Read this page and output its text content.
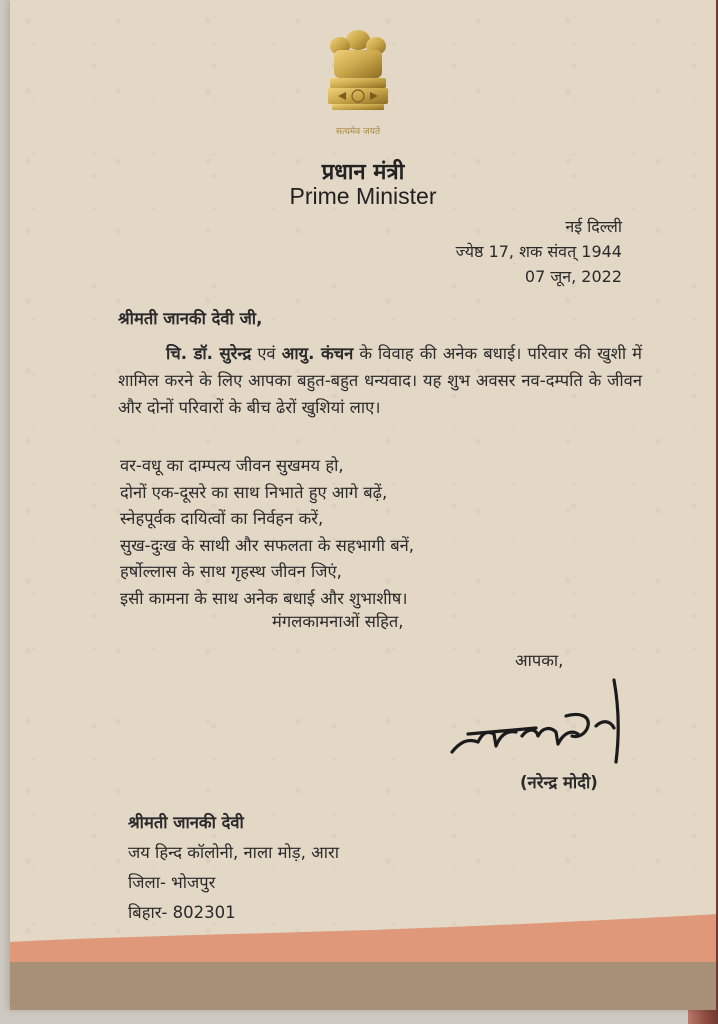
सत्यमेव जयते
प्रधान मंत्री
Prime Minister
नई दिल्ली
ज्येष्ठ 17, शक संवत् 1944
07 जून, 2022
श्रीमती जानकी देवी जी,
चि. डॉ. सुरेन्द्र एवं आयु. कंचन के विवाह की अनेक बधाई। परिवार की खुशी में शामिल करने के लिए आपका बहुत-बहुत धन्यवाद। यह शुभ अवसर नव-दम्पति के जीवन और दोनों परिवारों के बीच ढेरों खुशियां लाए।
वर-वधू का दाम्पत्य जीवन सुखमय हो,
दोनों एक-दूसरे का साथ निभाते हुए आगे बढ़ें,
स्नेहपूर्वक दायित्वों का निर्वहन करें,
सुख-दुःख के साथी और सफलता के सहभागी बनें,
हर्षोल्लास के साथ गृहस्थ जीवन जिएं,
इसी कामना के साथ अनेक बधाई और शुभाशीष।
मंगलकामनाओं सहित,
आपका,
(नरेन्द्र मोदी)
श्रीमती जानकी देवी
जय हिन्द कॉलोनी, नाला मोड़, आरा
जिला- भोजपुर
बिहार- 802301
